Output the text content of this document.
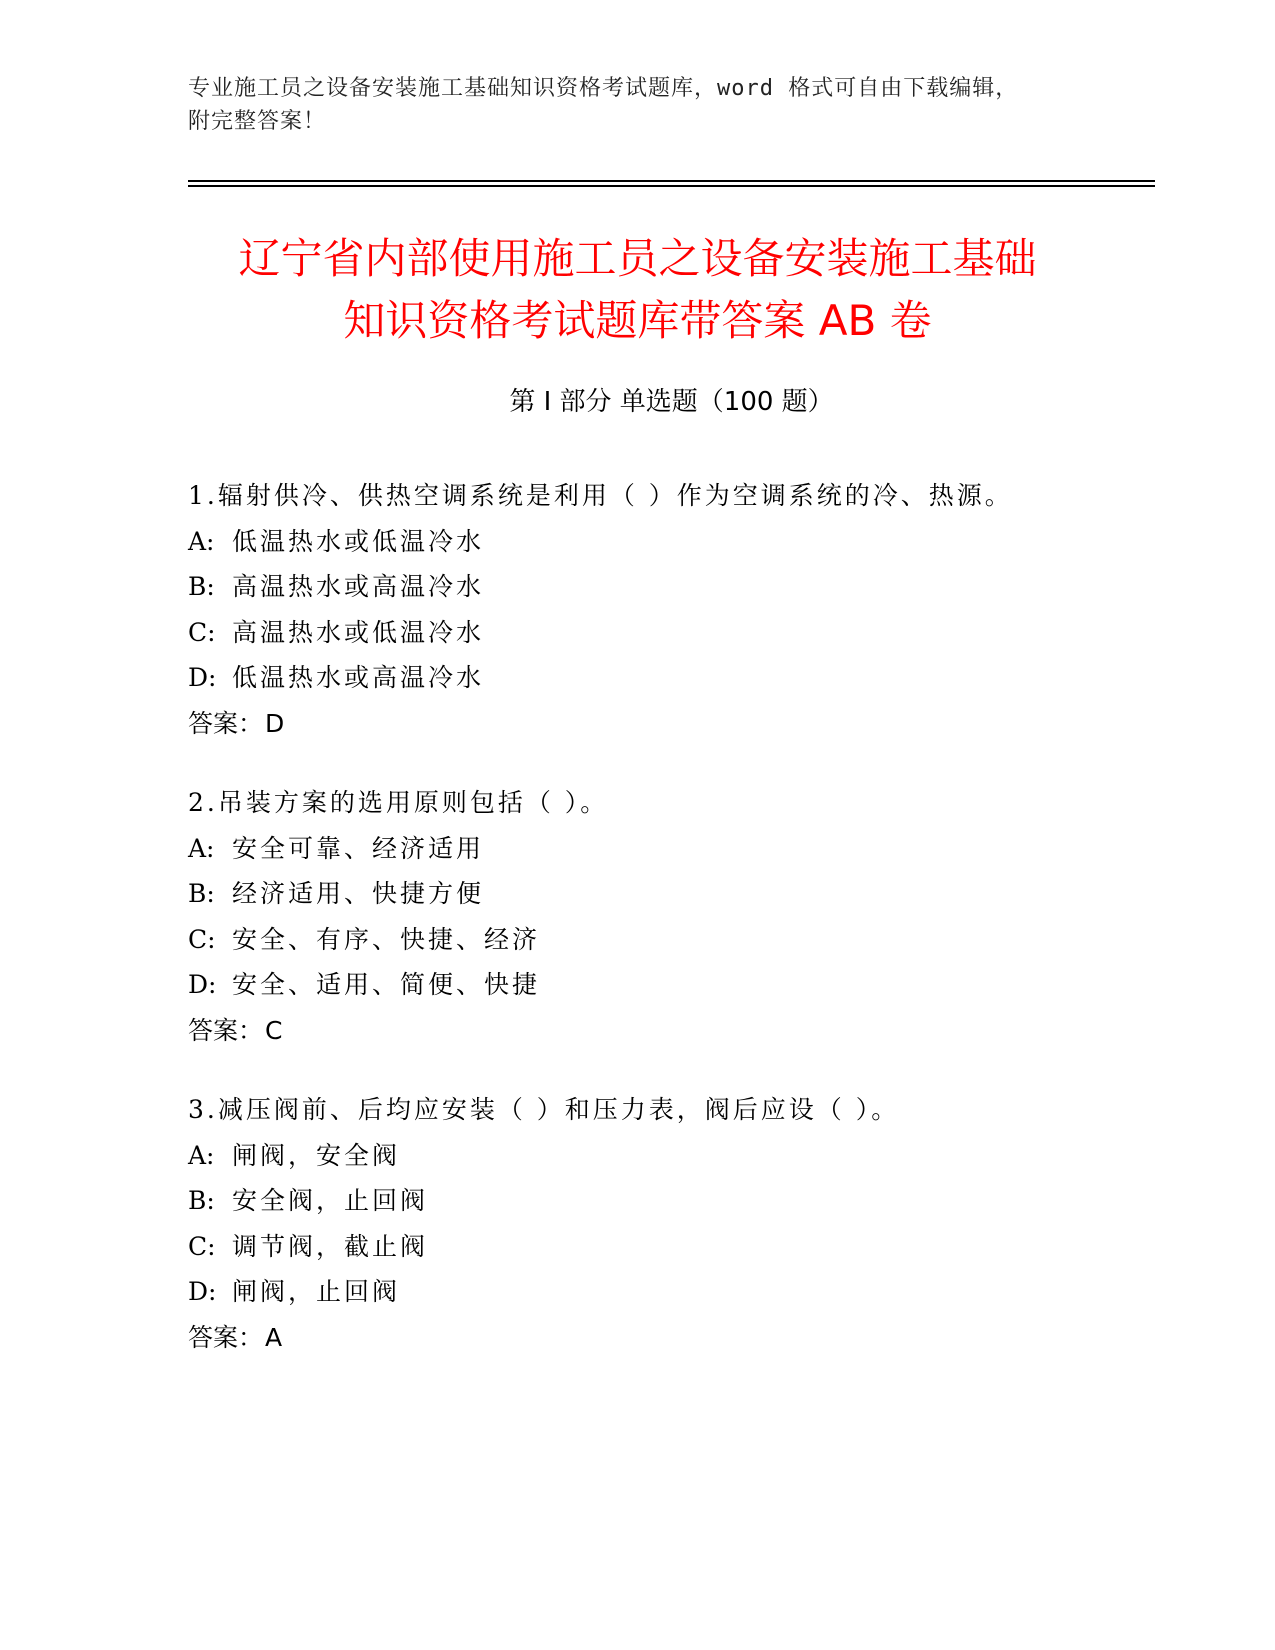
专业施工员之设备安装施工基础知识资格考试题库，word 格式可自由下载编辑，
附完整答案！
辽宁省内部使用施工员之设备安装施工基础
知识资格考试题库带答案 AB 卷
第 I 部分 单选题（100 题）
1.辐射供冷、供热空调系统是利用（ ）作为空调系统的冷、热源。
A: 低温热水或低温冷水
B: 高温热水或高温冷水
C: 高温热水或低温冷水
D: 低温热水或高温冷水
答案：D
2.吊装方案的选用原则包括（ ）。
A: 安全可靠、经济适用
B: 经济适用、快捷方便
C: 安全、有序、快捷、经济
D: 安全、适用、简便、快捷
答案：C
3.减压阀前、后均应安装（ ）和压力表，阀后应设（ ）。
A: 闸阀，安全阀
B: 安全阀，止回阀
C: 调节阀，截止阀
D: 闸阀，止回阀
答案：A
